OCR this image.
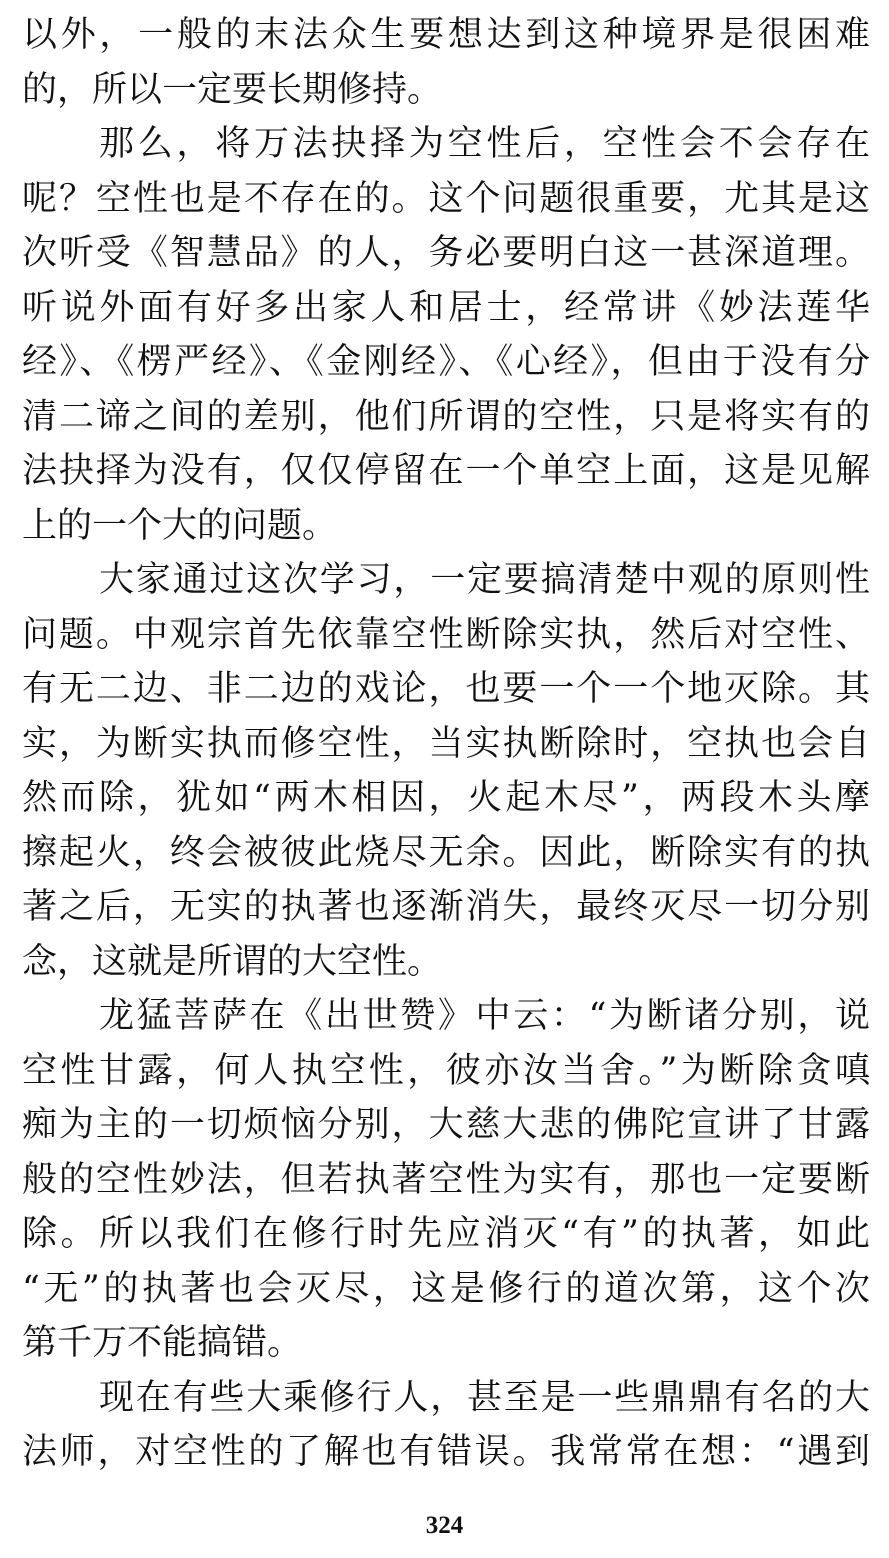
以外，一般的末法众生要想达到这种境界是很困难
的，所以一定要长期修持。
那么，将万法抉择为空性后，空性会不会存在
呢？空性也是不存在的。这个问题很重要，尤其是这
次听受《智慧品》的人，务必要明白这一甚深道理。
听说外面有好多出家人和居士，经常讲《妙法莲华
经》、《楞严经》、《金刚经》、《心经》，但由于没有分
清二谛之间的差别，他们所谓的空性，只是将实有的
法抉择为没有，仅仅停留在一个单空上面，这是见解
上的一个大的问题。
大家通过这次学习，一定要搞清楚中观的原则性
问题。中观宗首先依靠空性断除实执，然后对空性、
有无二边、非二边的戏论，也要一个一个地灭除。其
实，为断实执而修空性，当实执断除时，空执也会自
然而除，犹如“两木相因，火起木尽”，两段木头摩
擦起火，终会被彼此烧尽无余。因此，断除实有的执
著之后，无实的执著也逐渐消失，最终灭尽一切分别
念，这就是所谓的大空性。
龙猛菩萨在《出世赞》中云：“为断诸分别，说
空性甘露，何人执空性，彼亦汝当舍。”为断除贪嗔
痴为主的一切烦恼分别，大慈大悲的佛陀宣讲了甘露
般的空性妙法，但若执著空性为实有，那也一定要断
除。所以我们在修行时先应消灭“有”的执著，如此
“无”的执著也会灭尽，这是修行的道次第，这个次
第千万不能搞错。
现在有些大乘修行人，甚至是一些鼎鼎有名的大
法师，对空性的了解也有错误。我常常在想：“遇到
324
